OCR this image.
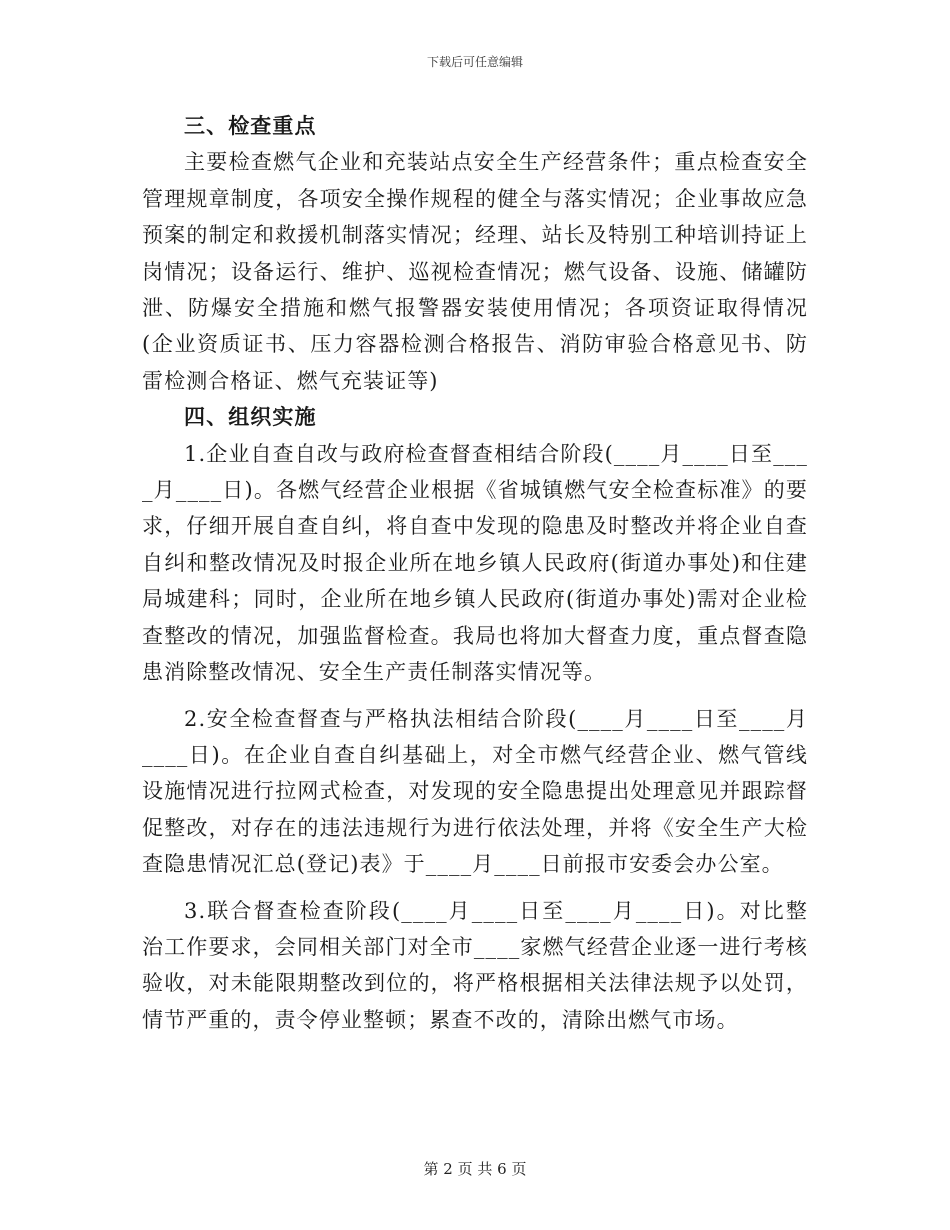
下载后可任意编辑

三、检查重点

主要检查燃气企业和充装站点安全生产经营条件；重点检查安全管理规章制度，各项安全操作规程的健全与落实情况；企业事故应急预案的制定和救援机制落实情况；经理、站长及特别工种培训持证上岗情况；设备运行、维护、巡视检查情况；燃气设备、设施、储罐防泄、防爆安全措施和燃气报警器安装使用情况；各项资证取得情况(企业资质证书、压力容器检测合格报告、消防审验合格意见书、防雷检测合格证、燃气充装证等)

四、组织实施

1.企业自查自改与政府检查督查相结合阶段(____月____日至____月____日)。各燃气经营企业根据《省城镇燃气安全检查标准》的要求，仔细开展自查自纠，将自查中发现的隐患及时整改并将企业自查自纠和整改情况及时报企业所在地乡镇人民政府(街道办事处)和住建局城建科；同时，企业所在地乡镇人民政府(街道办事处)需对企业检查整改的情况，加强监督检查。我局也将加大督查力度，重点督查隐患消除整改情况、安全生产责任制落实情况等。

2.安全检查督查与严格执法相结合阶段(____月____日至____月____日)。在企业自查自纠基础上，对全市燃气经营企业、燃气管线设施情况进行拉网式检查，对发现的安全隐患提出处理意见并跟踪督促整改，对存在的违法违规行为进行依法处理，并将《安全生产大检查隐患情况汇总(登记)表》于____月____日前报市安委会办公室。

3.联合督查检查阶段(____月____日至____月____日)。对比整治工作要求，会同相关部门对全市____家燃气经营企业逐一进行考核验收，对未能限期整改到位的，将严格根据相关法律法规予以处罚，情节严重的，责令停业整顿；累查不改的，清除出燃气市场。

第 2 页 共 6 页
